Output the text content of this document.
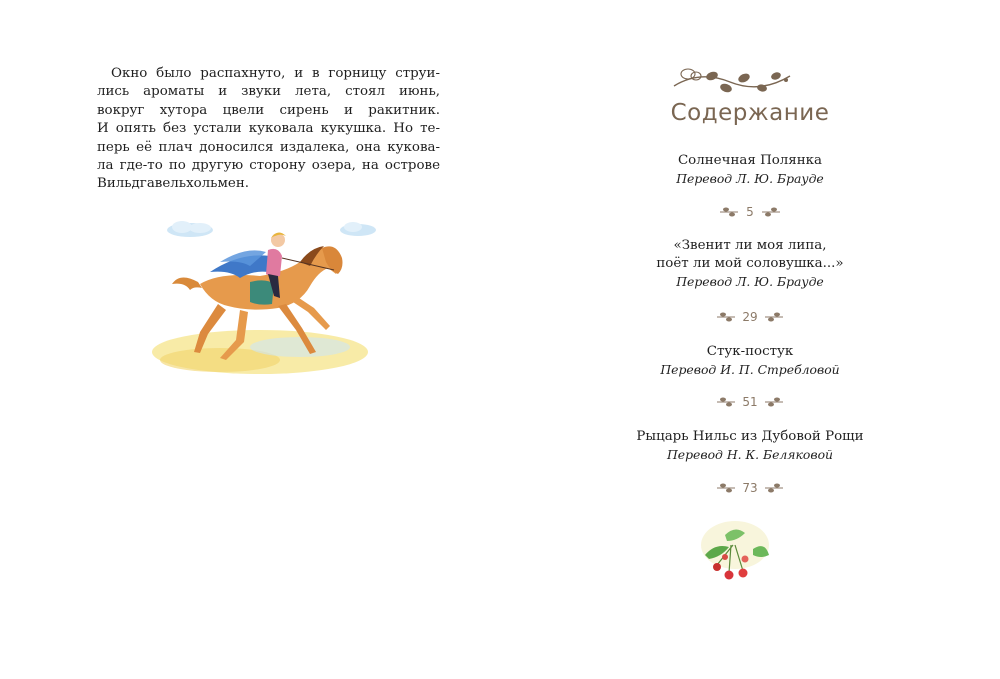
Окно было распахнуто, и в горницу струи-
лись ароматы и звуки лета, стоял июнь,
вокруг хутора цвели сирень и ракитник.
И опять без устали куковала кукушка. Но те-
перь её плач доносился издалека, она кукова-
ла где-то по другую сторону озера, на острове
Вильдгавельхольмен.

Содержание
Солнечная Полянка
Перевод Л. Ю. Брауде
5
«Звенит ли моя липа,
поёт ли мой соловушка...»
Перевод Л. Ю. Брауде
29
Стук-постук
Перевод И. П. Стребловой
51
Рыцарь Нильс из Дубовой Рощи
Перевод Н. К. Беляковой
73
